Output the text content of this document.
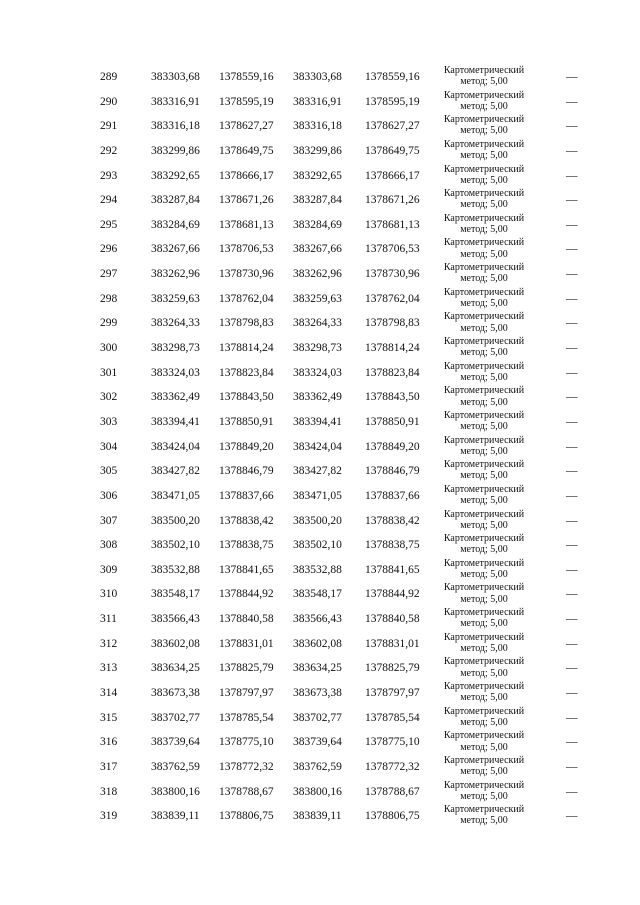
289	383303,68 1378559,16 383303,68 1378559,16
Картометрический
метод; 5,00	—
290	383316,91 1378595,19 383316,91 1378595,19
Картометрический
метод; 5,00	—
291	383316,18 1378627,27 383316,18 1378627,27
Картометрический
метод; 5,00	—
292	383299,86 1378649,75 383299,86 1378649,75
Картометрический
метод; 5,00	—
293	383292,65 1378666,17 383292,65 1378666,17
Картометрический
метод; 5,00	—
294	383287,84 1378671,26 383287,84 1378671,26
Картометрический
метод; 5,00	—
295	383284,69 1378681,13 383284,69 1378681,13
Картометрический
метод; 5,00	—
296	383267,66 1378706,53 383267,66 1378706,53
Картометрический
метод; 5,00	—
297	383262,96 1378730,96 383262,96 1378730,96
Картометрический
метод; 5,00	—
298	383259,63 1378762,04 383259,63 1378762,04
Картометрический
метод; 5,00	—
299	383264,33 1378798,83 383264,33 1378798,83
Картометрический
метод; 5,00	—
300	383298,73 1378814,24 383298,73 1378814,24
Картометрический
метод; 5,00	—
301	383324,03 1378823,84 383324,03 1378823,84
Картометрический
метод; 5,00	—
302	383362,49 1378843,50 383362,49 1378843,50
Картометрический
метод; 5,00	—
303	383394,41 1378850,91 383394,41 1378850,91
Картометрический
метод; 5,00	—
304	383424,04 1378849,20 383424,04 1378849,20
Картометрический
метод; 5,00	—
305	383427,82 1378846,79 383427,82 1378846,79
Картометрический
метод; 5,00	—
306	383471,05 1378837,66 383471,05 1378837,66
Картометрический
метод; 5,00	—
307	383500,20 1378838,42 383500,20 1378838,42
Картометрический
метод; 5,00	—
308	383502,10 1378838,75 383502,10 1378838,75
Картометрический
метод; 5,00	—
309	383532,88 1378841,65 383532,88 1378841,65
Картометрический
метод; 5,00	—
310	383548,17 1378844,92 383548,17 1378844,92
Картометрический
метод; 5,00	—
311	383566,43 1378840,58 383566,43 1378840,58
Картометрический
метод; 5,00	—
312	383602,08 1378831,01 383602,08 1378831,01
Картометрический
метод; 5,00	—
313	383634,25 1378825,79 383634,25 1378825,79
Картометрический
метод; 5,00	—
314	383673,38 1378797,97 383673,38 1378797,97
Картометрический
метод; 5,00	—
315	383702,77 1378785,54 383702,77 1378785,54
Картометрический
метод; 5,00	—
316	383739,64 1378775,10 383739,64 1378775,10
Картометрический
метод; 5,00	—
317	383762,59 1378772,32 383762,59 1378772,32
Картометрический
метод; 5,00	—
318	383800,16 1378788,67 383800,16 1378788,67
Картометрический
метод; 5,00	—
319	383839,11 1378806,75 383839,11 1378806,75
Картометрический
метод; 5,00	—
